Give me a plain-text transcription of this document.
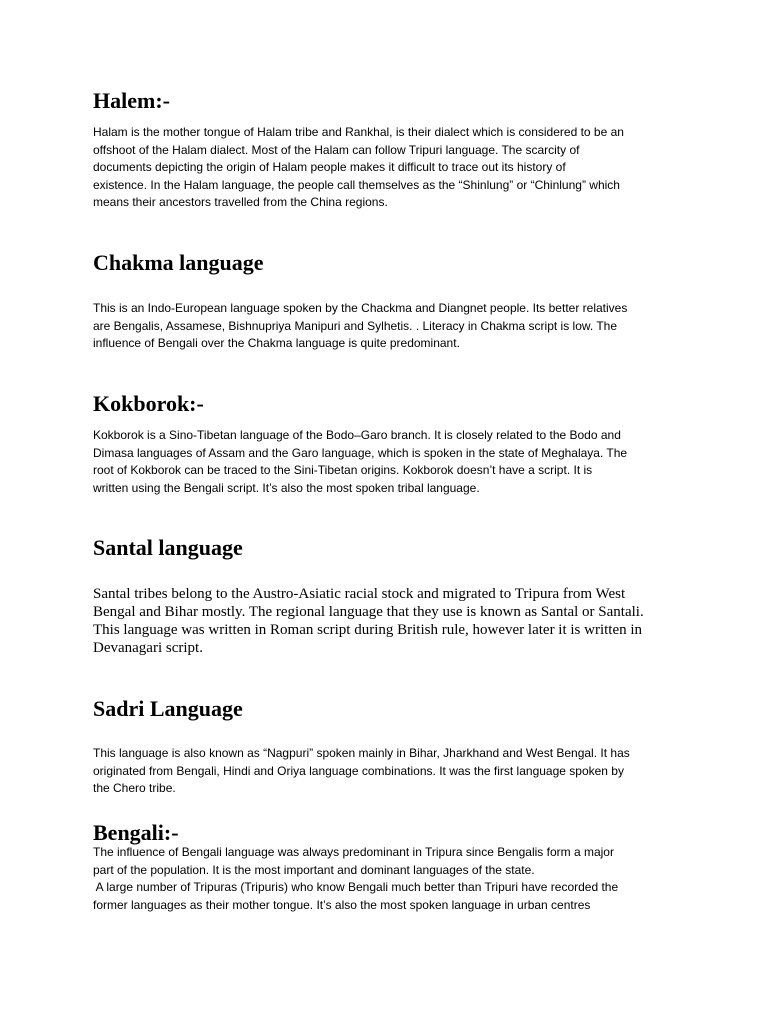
Halem:-

Halam is the mother tongue of Halam tribe and Rankhal, is their dialect which is considered to be an
offshoot of the Halam dialect. Most of the Halam can follow Tripuri language. The scarcity of
documents depicting the origin of Halam people makes it difficult to trace out its history of
existence. In the Halam language, the people call themselves as the “Shinlung” or “Chinlung” which
means their ancestors travelled from the China regions.

Chakma language

This is an Indo-European language spoken by the Chackma and Diangnet people. Its better relatives
are Bengalis, Assamese, Bishnupriya Manipuri and Sylhetis. . Literacy in Chakma script is low. The
influence of Bengali over the Chakma language is quite predominant.

Kokborok:-

Kokborok is a Sino-Tibetan language of the Bodo–Garo branch. It is closely related to the Bodo and
Dimasa languages of Assam and the Garo language, which is spoken in the state of Meghalaya. The
root of Kokborok can be traced to the Sini-Tibetan origins. Kokborok doesn’t have a script. It is
written using the Bengali script. It’s also the most spoken tribal language.

Santal language

Santal tribes belong to the Austro-Asiatic racial stock and migrated to Tripura from West
Bengal and Bihar mostly. The regional language that they use is known as Santal or Santali.
This language was written in Roman script during British rule, however later it is written in
Devanagari script.

Sadri Language

This language is also known as “Nagpuri” spoken mainly in Bihar, Jharkhand and West Bengal. It has
originated from Bengali, Hindi and Oriya language combinations. It was the first language spoken by
the Chero tribe.

Bengali:-

The influence of Bengali language was always predominant in Tripura since Bengalis form a major
part of the population. It is the most important and dominant languages of the state.
A large number of Tripuras (Tripuris) who know Bengali much better than Tripuri have recorded the
former languages as their mother tongue. It’s also the most spoken language in urban centres
